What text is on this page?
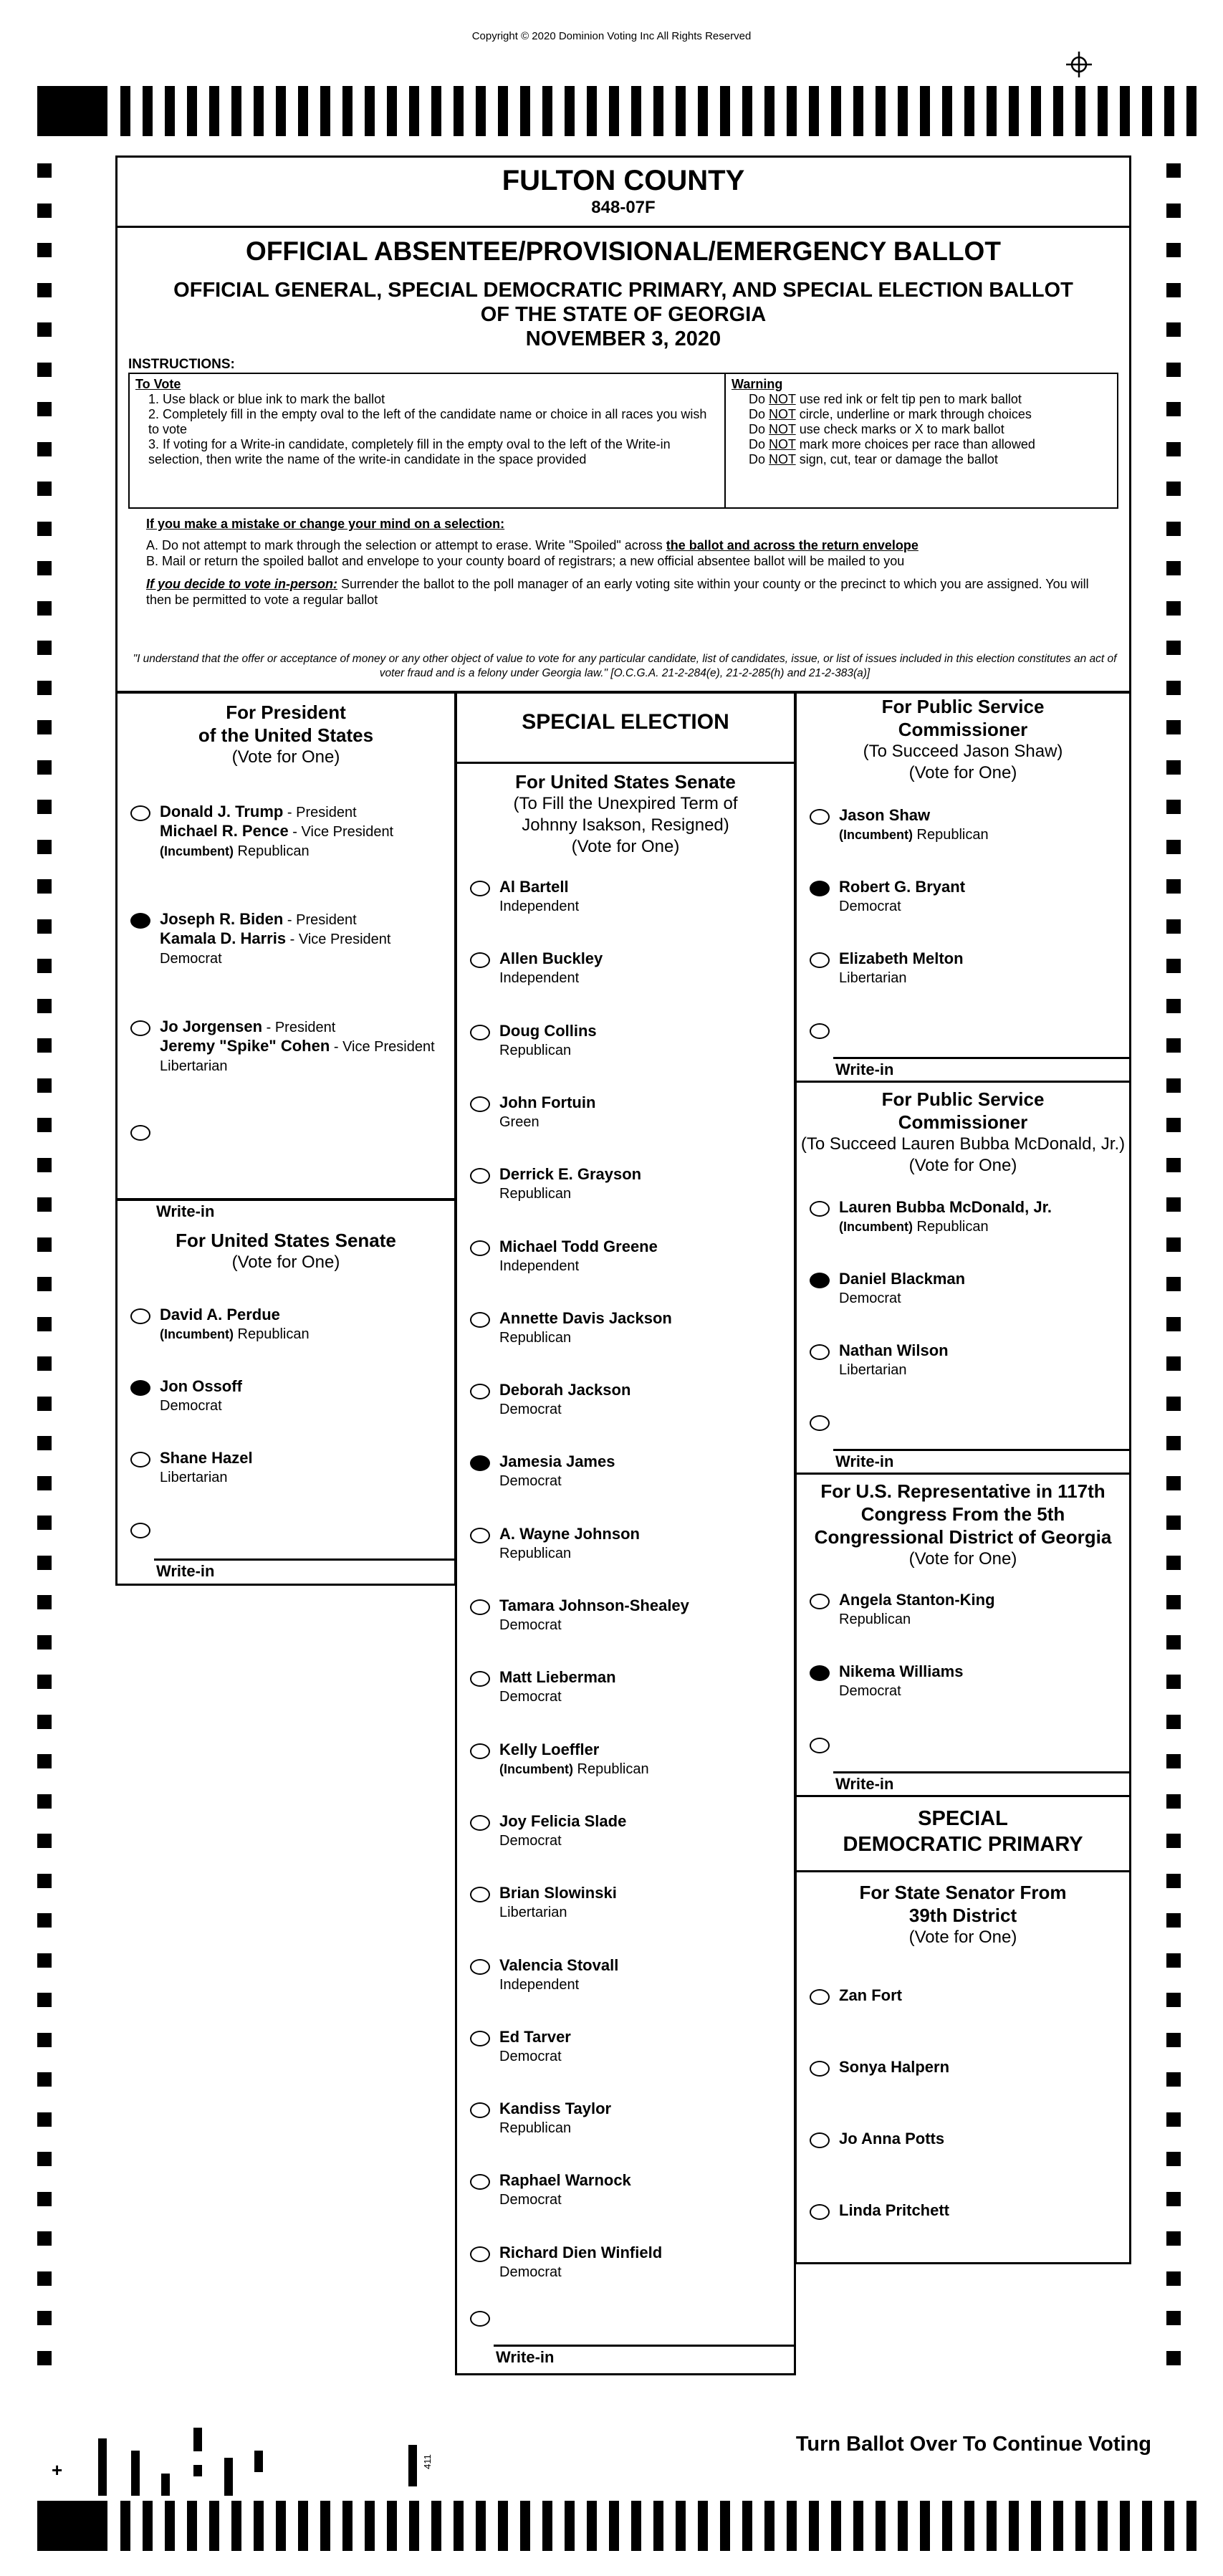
Copyright © 2020 Dominion Voting Inc All Rights Reserved
FULTON COUNTY
848-07F
OFFICIAL ABSENTEE/PROVISIONAL/EMERGENCY BALLOT
OFFICIAL GENERAL, SPECIAL DEMOCRATIC PRIMARY, AND SPECIAL ELECTION BALLOT
OF THE STATE OF GEORGIA
NOVEMBER 3, 2020
INSTRUCTIONS:
To Vote
1. Use black or blue ink to mark the ballot
2. Completely fill in the empty oval to the left of the candidate name or choice in all races you wish to vote
3. If voting for a Write-in candidate, completely fill in the empty oval to the left of the Write-in selection, then write the name of the write-in candidate in the space provided
Warning
Do NOT use red ink or felt tip pen to mark ballot
Do NOT circle, underline or mark through choices
Do NOT use check marks or X to mark ballot
Do NOT mark more choices per race than allowed
Do NOT sign, cut, tear or damage the ballot
If you make a mistake or change your mind on a selection:
A. Do not attempt to mark through the selection or attempt to erase. Write "Spoiled" across the ballot and across the return envelope
B. Mail or return the spoiled ballot and envelope to your county board of registrars; a new official absentee ballot will be mailed to you
If you decide to vote in-person: Surrender the ballot to the poll manager of an early voting site within your county or the precinct to which you are assigned. You will then be permitted to vote a regular ballot
"I understand that the offer or acceptance of money or any other object of value to vote for any particular candidate, list of candidates, issue, or list of issues included in this election constitutes an act of voter fraud and is a felony under Georgia law." [O.C.G.A. 21-2-284(e), 21-2-285(h) and 21-2-383(a)]
For President
of the United States
(Vote for One)
Donald J. Trump - President
Michael R. Pence - Vice President
(Incumbent) Republican
Joseph R. Biden - President
Kamala D. Harris - Vice President
Democrat
Jo Jorgensen - President
Jeremy "Spike" Cohen - Vice President
Libertarian
Write-in
For United States Senate
(Vote for One)
David A. Perdue
(Incumbent) Republican
Jon Ossoff
Democrat
Shane Hazel
Libertarian
Write-in
SPECIAL ELECTION
For United States Senate
(To Fill the Unexpired Term of
Johnny Isakson, Resigned)
(Vote for One)
Al Bartell
Independent
Allen Buckley
Independent
Doug Collins
Republican
John Fortuin
Green
Derrick E. Grayson
Republican
Michael Todd Greene
Independent
Annette Davis Jackson
Republican
Deborah Jackson
Democrat
Jamesia James
Democrat
A. Wayne Johnson
Republican
Tamara Johnson-Shealey
Democrat
Matt Lieberman
Democrat
Kelly Loeffler
(Incumbent) Republican
Joy Felicia Slade
Democrat
Brian Slowinski
Libertarian
Valencia Stovall
Independent
Ed Tarver
Democrat
Kandiss Taylor
Republican
Raphael Warnock
Democrat
Richard Dien Winfield
Democrat
Write-in
For Public Service
Commissioner
(To Succeed Jason Shaw)
(Vote for One)
Jason Shaw
(Incumbent) Republican
Robert G. Bryant
Democrat
Elizabeth Melton
Libertarian
Write-in
For Public Service
Commissioner
(To Succeed Lauren Bubba McDonald, Jr.)
(Vote for One)
Lauren Bubba McDonald, Jr.
(Incumbent) Republican
Daniel Blackman
Democrat
Nathan Wilson
Libertarian
Write-in
For U.S. Representative in 117th
Congress From the 5th
Congressional District of Georgia
(Vote for One)
Angela Stanton-King
Republican
Nikema Williams
Democrat
Write-in
SPECIAL
DEMOCRATIC PRIMARY
For State Senator From
39th District
(Vote for One)
Zan Fort
Sonya Halpern
Jo Anna Potts
Linda Pritchett
Turn Ballot Over To Continue Voting
+	411
